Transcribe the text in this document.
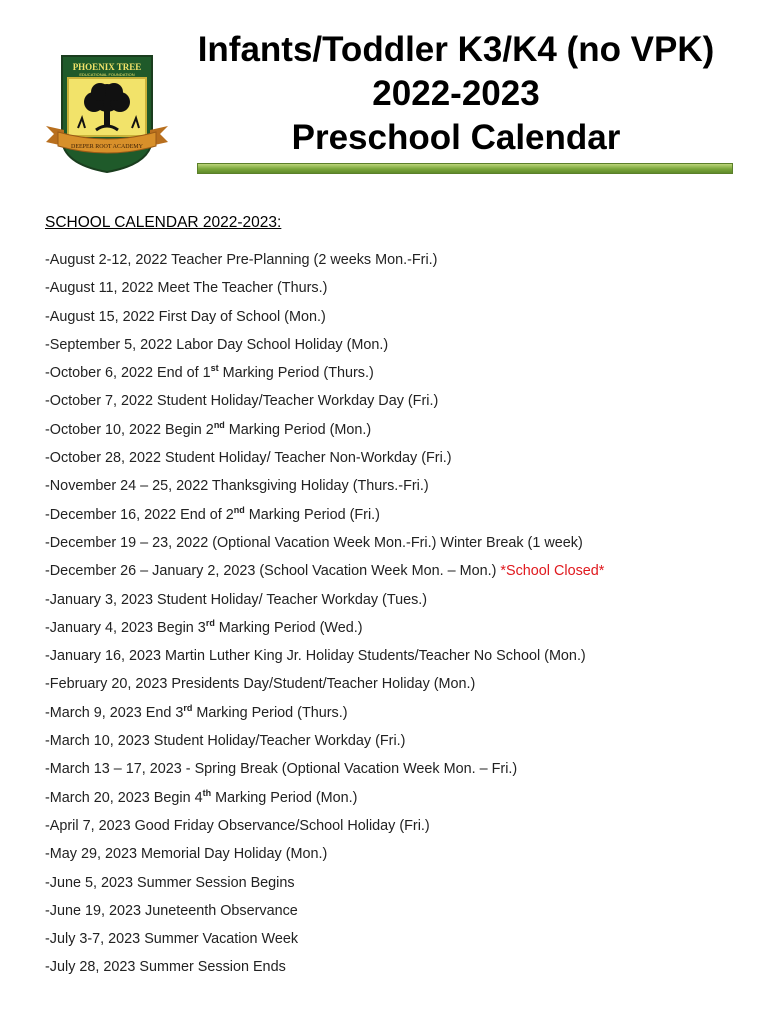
PHOENIX TREE
EDUCATIONAL FOUNDATION
DEEPER ROOT ACADEMY
Infants/Toddler K3/K4 (no VPK)
2022-2023
Preschool Calendar
SCHOOL CALENDAR 2022-2023:
-August 2-12, 2022 Teacher Pre-Planning (2 weeks Mon.-Fri.)
-August 11, 2022 Meet The Teacher (Thurs.)
-August 15, 2022 First Day of School (Mon.)
-September 5, 2022 Labor Day School Holiday (Mon.)
-October 6, 2022 End of 1st Marking Period (Thurs.)
-October 7, 2022 Student Holiday/Teacher Workday Day (Fri.)
-October 10, 2022 Begin 2nd Marking Period (Mon.)
-October 28, 2022 Student Holiday/ Teacher Non-Workday (Fri.)
-November 24 – 25, 2022 Thanksgiving Holiday (Thurs.-Fri.)
-December 16, 2022 End of 2nd Marking Period (Fri.)
-December 19 – 23, 2022 (Optional Vacation Week Mon.-Fri.) Winter Break (1 week)
-December 26 – January 2, 2023 (School Vacation Week Mon. – Mon.) *School Closed*
-January 3, 2023 Student Holiday/ Teacher Workday (Tues.)
-January 4, 2023 Begin 3rd Marking Period (Wed.)
-January 16, 2023 Martin Luther King Jr. Holiday Students/Teacher No School (Mon.)
-February 20, 2023 Presidents Day/Student/Teacher Holiday (Mon.)
-March 9, 2023 End 3rd Marking Period (Thurs.)
-March 10, 2023 Student Holiday/Teacher Workday (Fri.)
-March 13 – 17, 2023 - Spring Break (Optional Vacation Week Mon. – Fri.)
-March 20, 2023 Begin 4th Marking Period (Mon.)
-April 7, 2023 Good Friday Observance/School Holiday (Fri.)
-May 29, 2023 Memorial Day Holiday (Mon.)
-June 5, 2023 Summer Session Begins
-June 19, 2023 Juneteenth Observance
-July 3-7, 2023 Summer Vacation Week
-July 28, 2023 Summer Session Ends
